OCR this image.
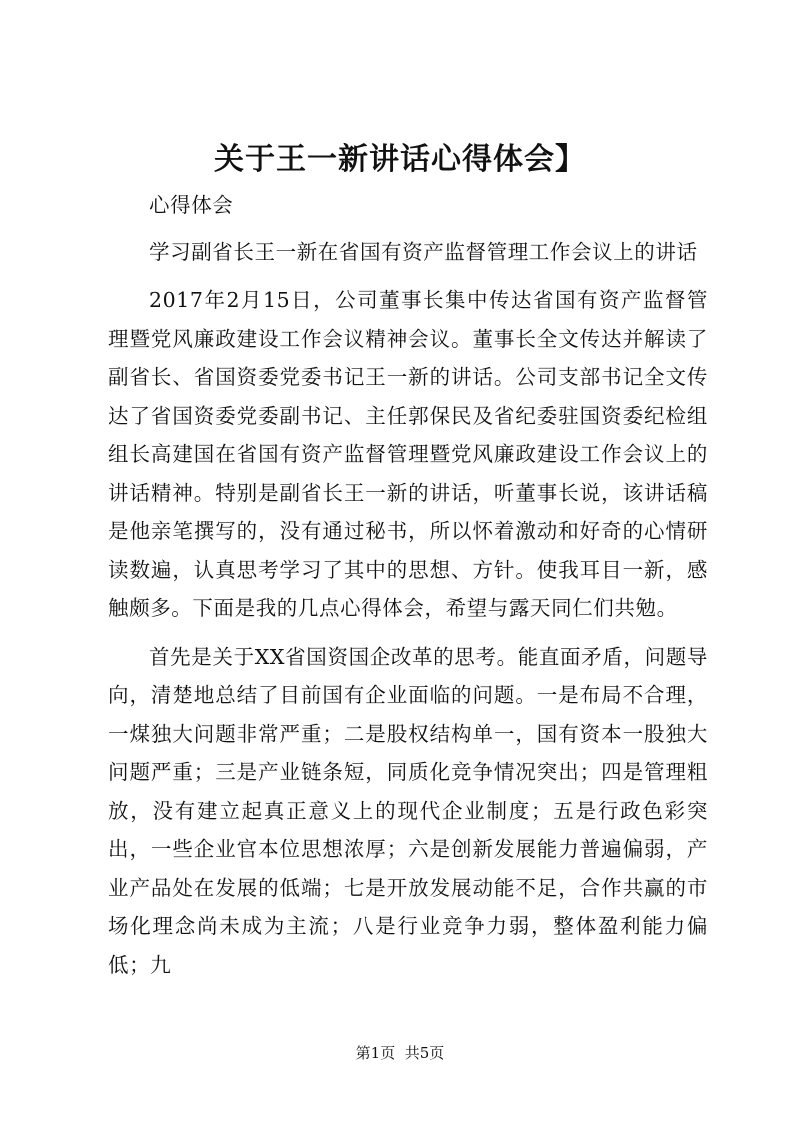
关于王一新讲话心得体会】

心得体会

学习副省长王一新在省国有资产监督管理工作会议上的讲话

2017年2月15日，公司董事长集中传达省国有资产监督管理暨党风廉政建设工作会议精神会议。董事长全文传达并解读了副省长、省国资委党委书记王一新的讲话。公司支部书记全文传达了省国资委党委副书记、主任郭保民及省纪委驻国资委纪检组组长高建国在省国有资产监督管理暨党风廉政建设工作会议上的讲话精神。特别是副省长王一新的讲话，听董事长说，该讲话稿是他亲笔撰写的，没有通过秘书，所以怀着激动和好奇的心情研读数遍，认真思考学习了其中的思想、方针。使我耳目一新，感触颇多。下面是我的几点心得体会，希望与露天同仁们共勉。

首先是关于XX省国资国企改革的思考。能直面矛盾，问题导向，清楚地总结了目前国有企业面临的问题。一是布局不合理，一煤独大问题非常严重；二是股权结构单一，国有资本一股独大问题严重；三是产业链条短，同质化竞争情况突出；四是管理粗放，没有建立起真正意义上的现代企业制度；五是行政色彩突出，一些企业官本位思想浓厚；六是创新发展能力普遍偏弱，产业产品处在发展的低端；七是开放发展动能不足，合作共赢的市场化理念尚未成为主流；八是行业竞争力弱，整体盈利能力偏低；九

第1页 共5页
